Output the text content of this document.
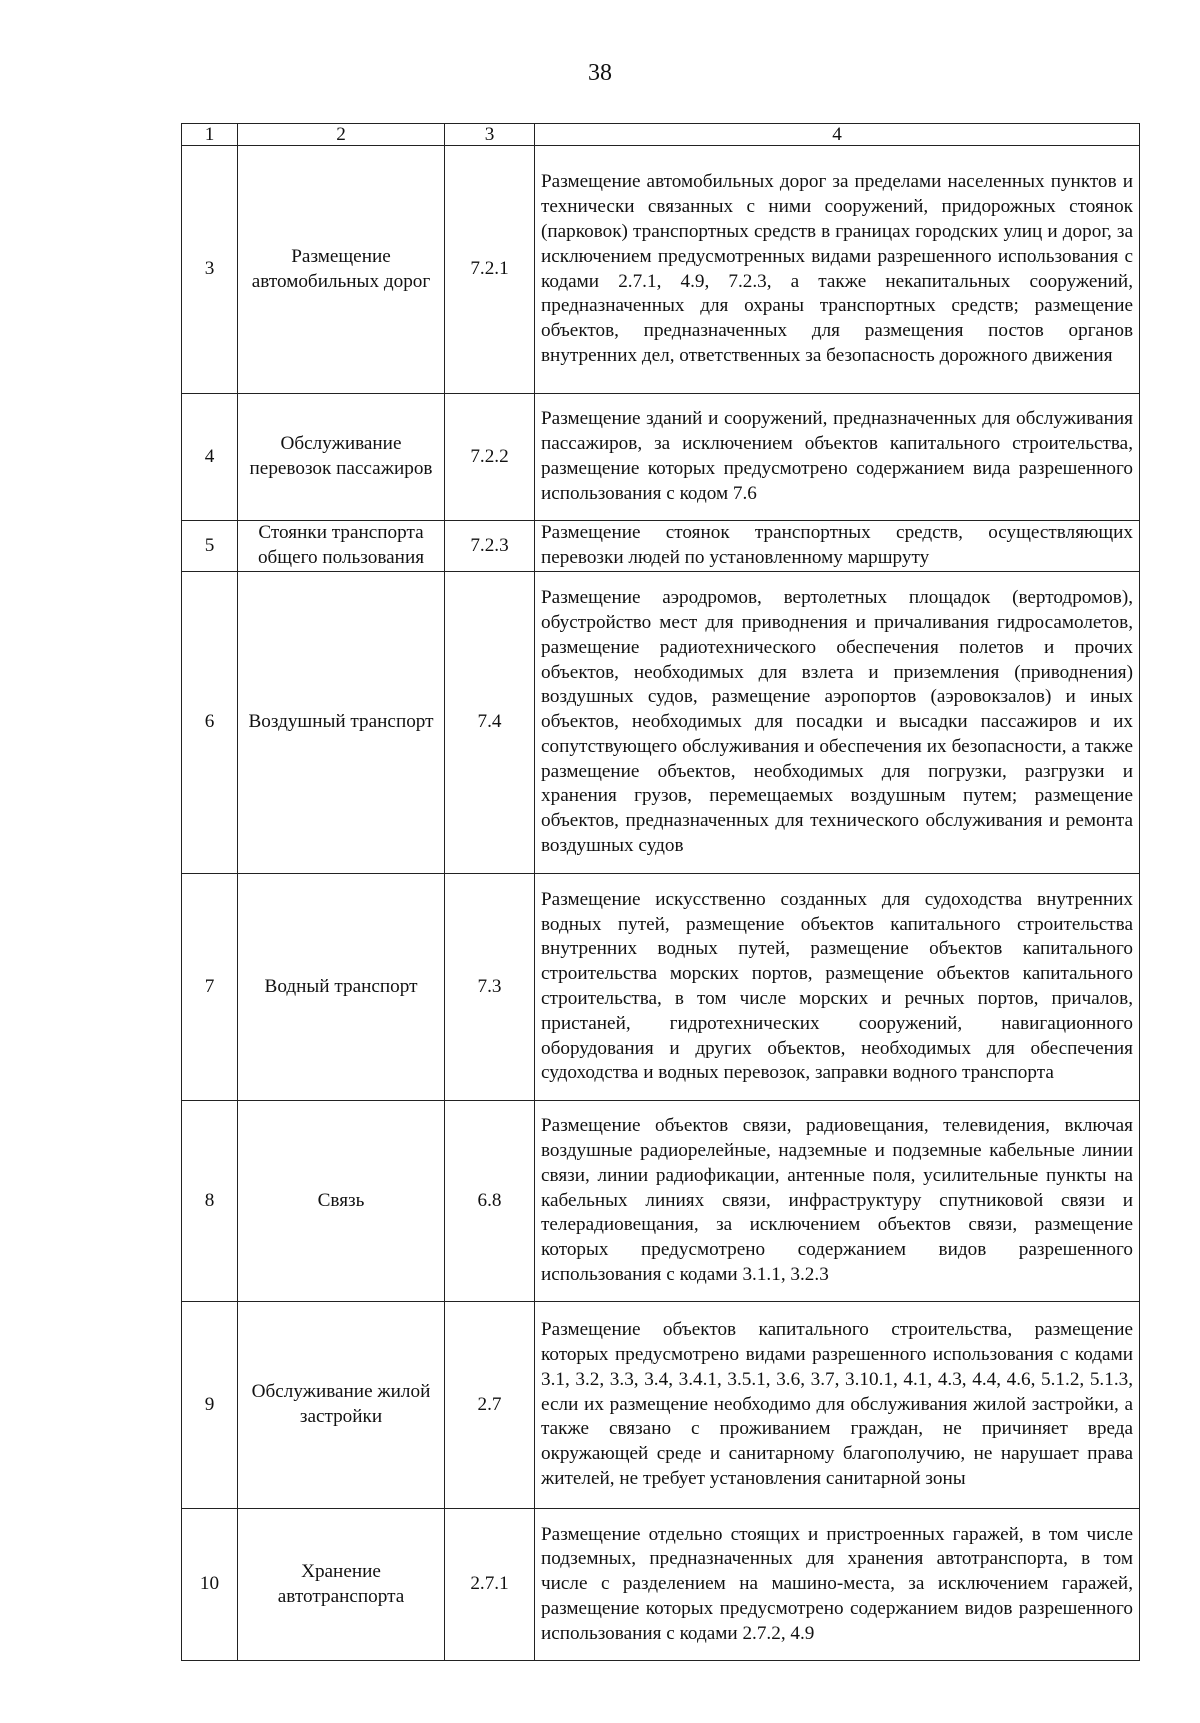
38
1	2	3	4
3	Размещение автомобильных дорог	7.2.1	Размещение автомобильных дорог за пределами населенных пунктов и технически связанных с ними сооружений, придорожных стоянок (парковок) транспортных средств в границах городских улиц и дорог, за исключением предусмотренных видами разрешенного использования с кодами 2.7.1, 4.9, 7.2.3, а также некапитальных сооружений, предназначенных для охраны транспортных средств; размещение объектов, предназначенных для размещения постов органов внутренних дел, ответственных за безопасность дорожного движения
4	Обслуживание перевозок пассажиров	7.2.2	Размещение зданий и сооружений, предназначенных для обслуживания пассажиров, за исключением объектов капитального строительства, размещение которых предусмотрено содержанием вида разрешенного использования с кодом 7.6
5	Стоянки транспорта общего пользования	7.2.3	Размещение стоянок транспортных средств, осуществляющих перевозки людей по установленному маршруту
6	Воздушный транспорт	7.4	Размещение аэродромов, вертолетных площадок (вертодромов), обустройство мест для приводнения и причаливания гидросамолетов, размещение радиотехнического обеспечения полетов и прочих объектов, необходимых для взлета и приземления (приводнения) воздушных судов, размещение аэропортов (аэровокзалов) и иных объектов, необходимых для посадки и высадки пассажиров и их сопутствующего обслуживания и обеспечения их безопасности, а также размещение объектов, необходимых для погрузки, разгрузки и хранения грузов, перемещаемых воздушным путем; размещение объектов, предназначенных для технического обслуживания и ремонта воздушных судов
7	Водный транспорт	7.3	Размещение искусственно созданных для судоходства внутренних водных путей, размещение объектов капитального строительства внутренних водных путей, размещение объектов капитального строительства морских портов, размещение объектов капитального строительства, в том числе морских и речных портов, причалов, пристаней, гидротехнических сооружений, навигационного оборудования и других объектов, необходимых для обеспечения судоходства и водных перевозок, заправки водного транспорта
8	Связь	6.8	Размещение объектов связи, радиовещания, телевидения, включая воздушные радиорелейные, надземные и подземные кабельные линии связи, линии радиофикации, антенные поля, усилительные пункты на кабельных линиях связи, инфраструктуру спутниковой связи и телерадиовещания, за исключением объектов связи, размещение которых предусмотрено содержанием видов разрешенного использования с кодами 3.1.1, 3.2.3
9	Обслуживание жилой застройки	2.7	Размещение объектов капитального строительства, размещение которых предусмотрено видами разрешенного использования с кодами 3.1, 3.2, 3.3, 3.4, 3.4.1, 3.5.1, 3.6, 3.7, 3.10.1, 4.1, 4.3, 4.4, 4.6, 5.1.2, 5.1.3, если их размещение необходимо для обслуживания жилой застройки, а также связано с проживанием граждан, не причиняет вреда окружающей среде и санитарному благополучию, не нарушает права жителей, не требует установления санитарной зоны
10	Хранение автотранспорта	2.7.1	Размещение отдельно стоящих и пристроенных гаражей, в том числе подземных, предназначенных для хранения автотранспорта, в том числе с разделением на машино-места, за исключением гаражей, размещение которых предусмотрено содержанием видов разрешенного использования с кодами 2.7.2, 4.9
